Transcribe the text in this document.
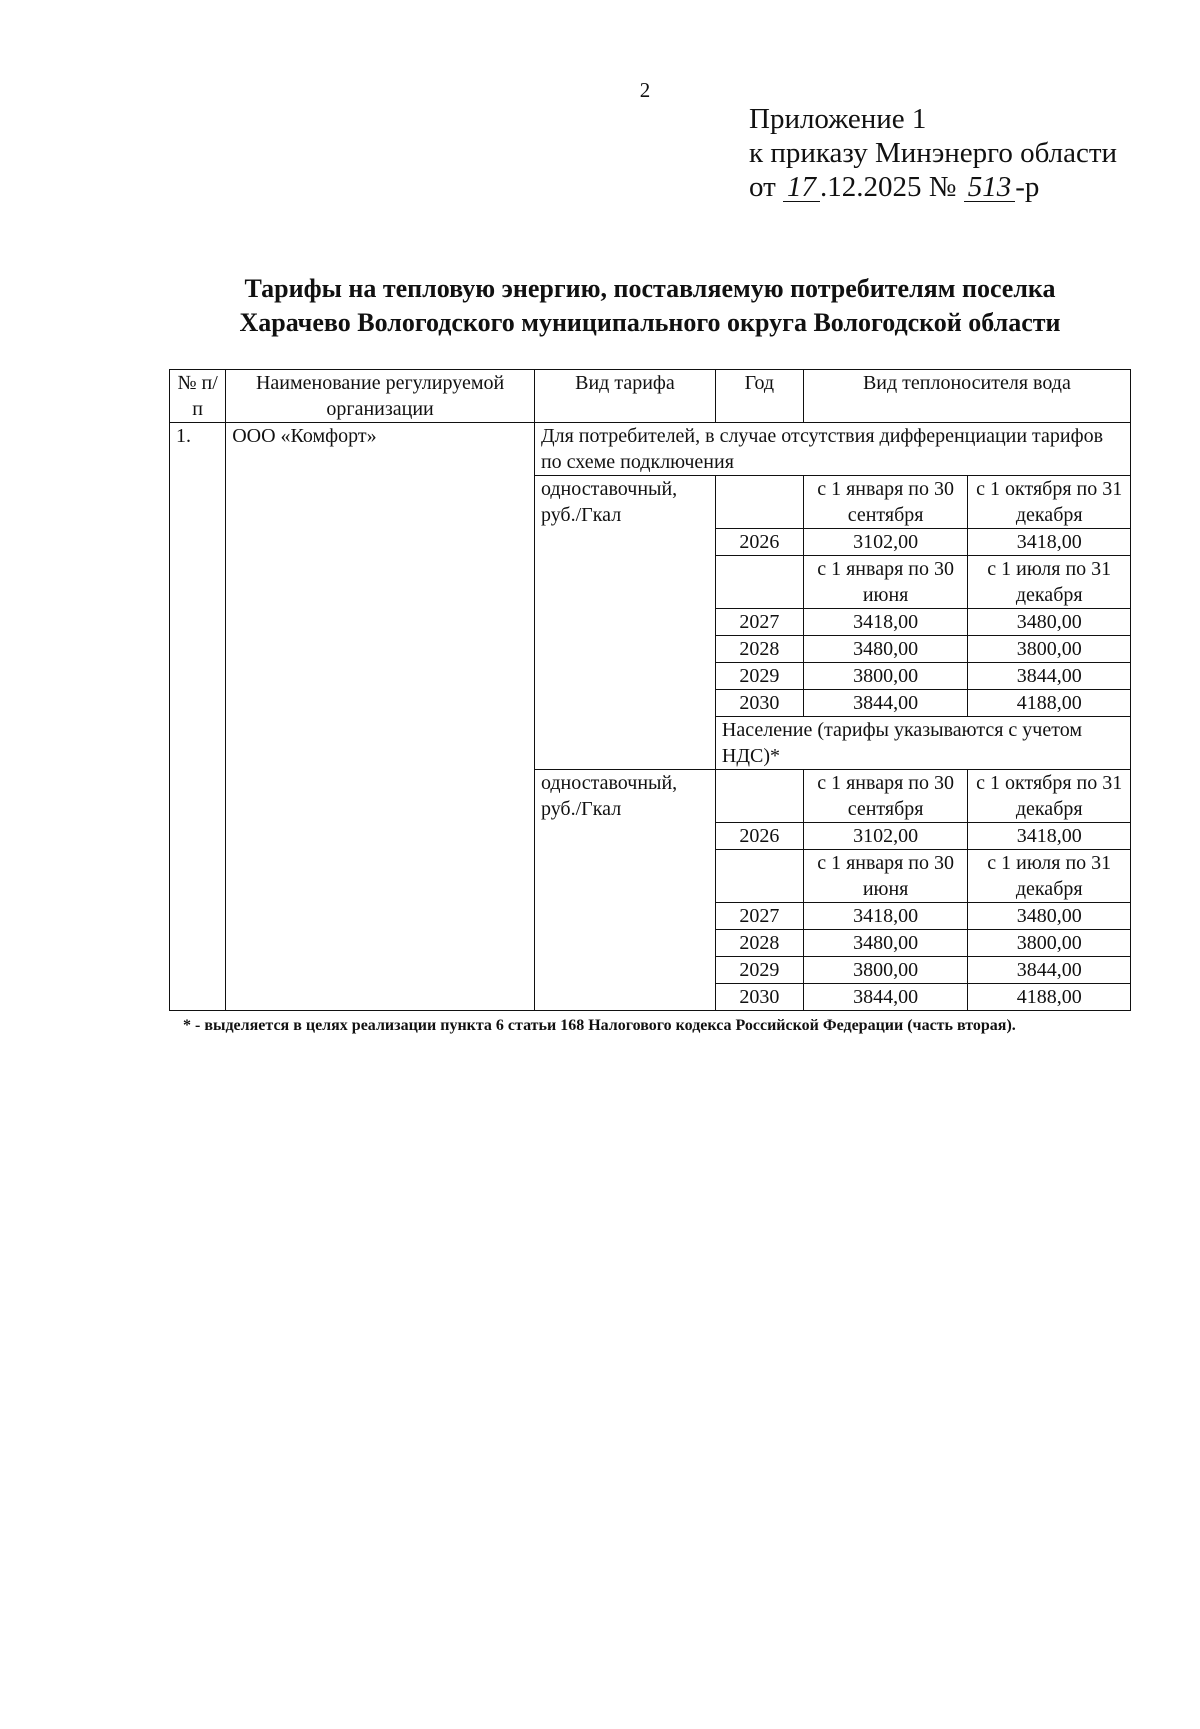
2
Приложение 1
к приказу Минэнерго области
от 17 .12.2025 № 513 -р
Тарифы на тепловую энергию, поставляемую потребителям поселка
Харачево Вологодского муниципального округа Вологодской области
№ п/п	Наименование регулируемой организации	Вид тарифа	Год	Вид теплоносителя вода	
1.	ООО «Комфорт»	Для потребителей, в случае отсутствия дифференциации тарифов по схеме подключения			
		одноставочный, руб./Гкал		с 1 января по 30 сентября	с 1 октября по 31 декабря
			2026	3102,00	3418,00
				с 1 января по 30 июня	с 1 июля по 31 декабря
			2027	3418,00	3480,00
			2028	3480,00	3800,00
			2029	3800,00	3844,00
			2030	3844,00	4188,00
			Население (тарифы указываются с учетом НДС)*		
		одноставочный, руб./Гкал		с 1 января по 30 сентября	с 1 октября по 31 декабря
			2026	3102,00	3418,00
				с 1 января по 30 июня	с 1 июля по 31 декабря
			2027	3418,00	3480,00
			2028	3480,00	3800,00
			2029	3800,00	3844,00
			2030	3844,00	4188,00
* - выделяется в целях реализации пункта 6 статьи 168 Налогового кодекса Российской Федерации (часть вторая).
